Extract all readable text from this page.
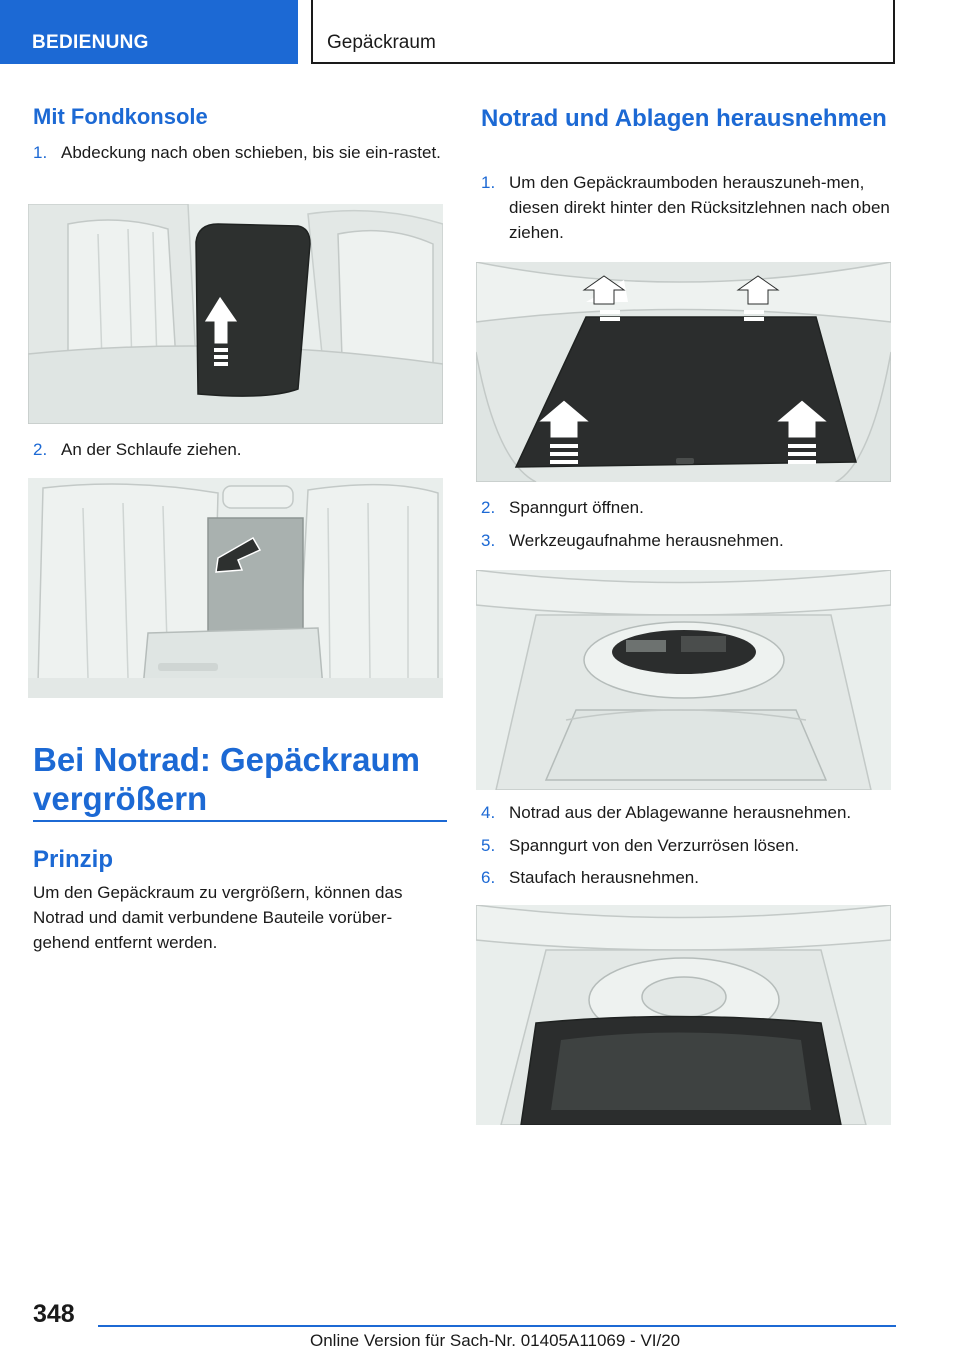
BEDIENUNG	Gepäckraum
Mit Fondkonsole
1. Abdeckung nach oben schieben, bis sie ein-rastet.
2. An der Schlaufe ziehen.
Bei Notrad: Gepäckraum vergrößern
Prinzip
Um den Gepäckraum zu vergrößern, können das Notrad und damit verbundene Bauteile vorüber-gehend entfernt werden.
Notrad und Ablagen herausnehmen
1. Um den Gepäckraumboden herauszuneh-men, diesen direkt hinter den Rücksitzlehnen nach oben ziehen.
2. Spanngurt öffnen.
3. Werkzeugaufnahme herausnehmen.
4. Notrad aus der Ablagewanne herausnehmen.
5. Spanngurt von den Verzurrösen lösen.
6. Staufach herausnehmen.
348
Online Version für Sach-Nr. 01405A11069 - VI/20
